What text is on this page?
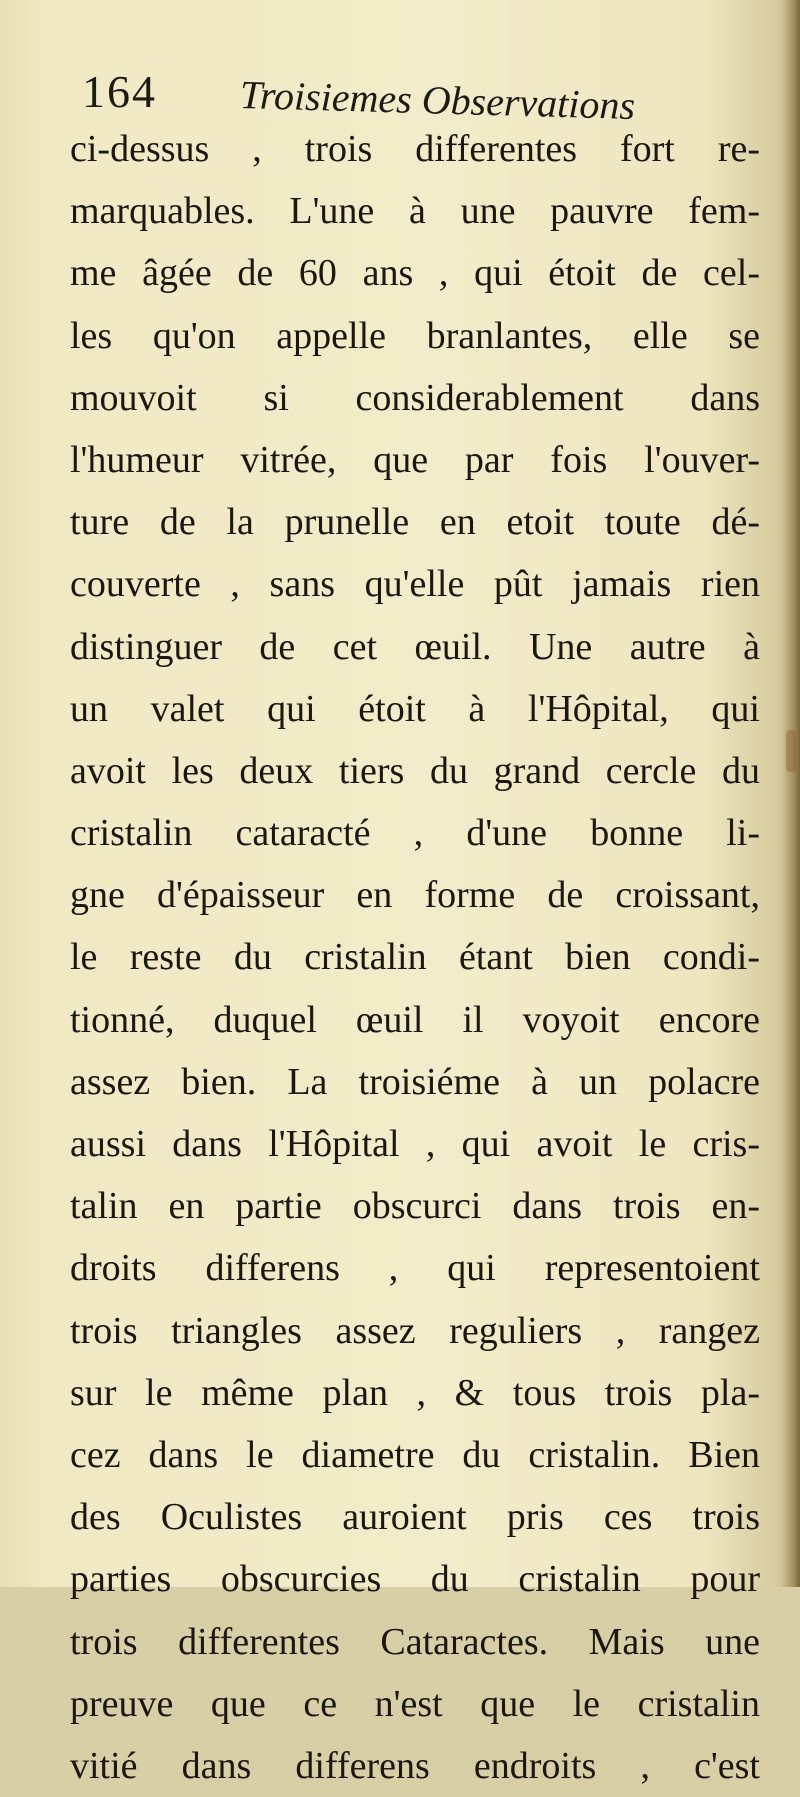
164 Troisiemes Observations
ci-dessus , trois differentes fort re-
marquables. L'une à une pauvre fem-
me âgée de 60 ans , qui étoit de cel-
les qu'on appelle branlantes, elle se
mouvoit si considerablement dans
l'humeur vitrée, que par fois l'ouver-
ture de la prunelle en etoit toute dé-
couverte , sans qu'elle pût jamais rien
distinguer de cet œuil. Une autre à
un valet qui étoit à l'Hôpital, qui
avoit les deux tiers du grand cercle du
cristalin cataracté , d'une bonne li-
gne d'épaisseur en forme de croissant,
le reste du cristalin étant bien condi-
tionné, duquel œuil il voyoit encore
assez bien. La troisiéme à un polacre
aussi dans l'Hôpital , qui avoit le cris-
talin en partie obscurci dans trois en-
droits differens , qui representoient
trois triangles assez reguliers , rangez
sur le même plan , & tous trois pla-
cez dans le diametre du cristalin. Bien
des Oculistes auroient pris ces trois
parties obscurcies du cristalin pour
trois differentes Cataractes. Mais une
preuve que ce n'est que le cristalin
vitié dans differens endroits , c'est
